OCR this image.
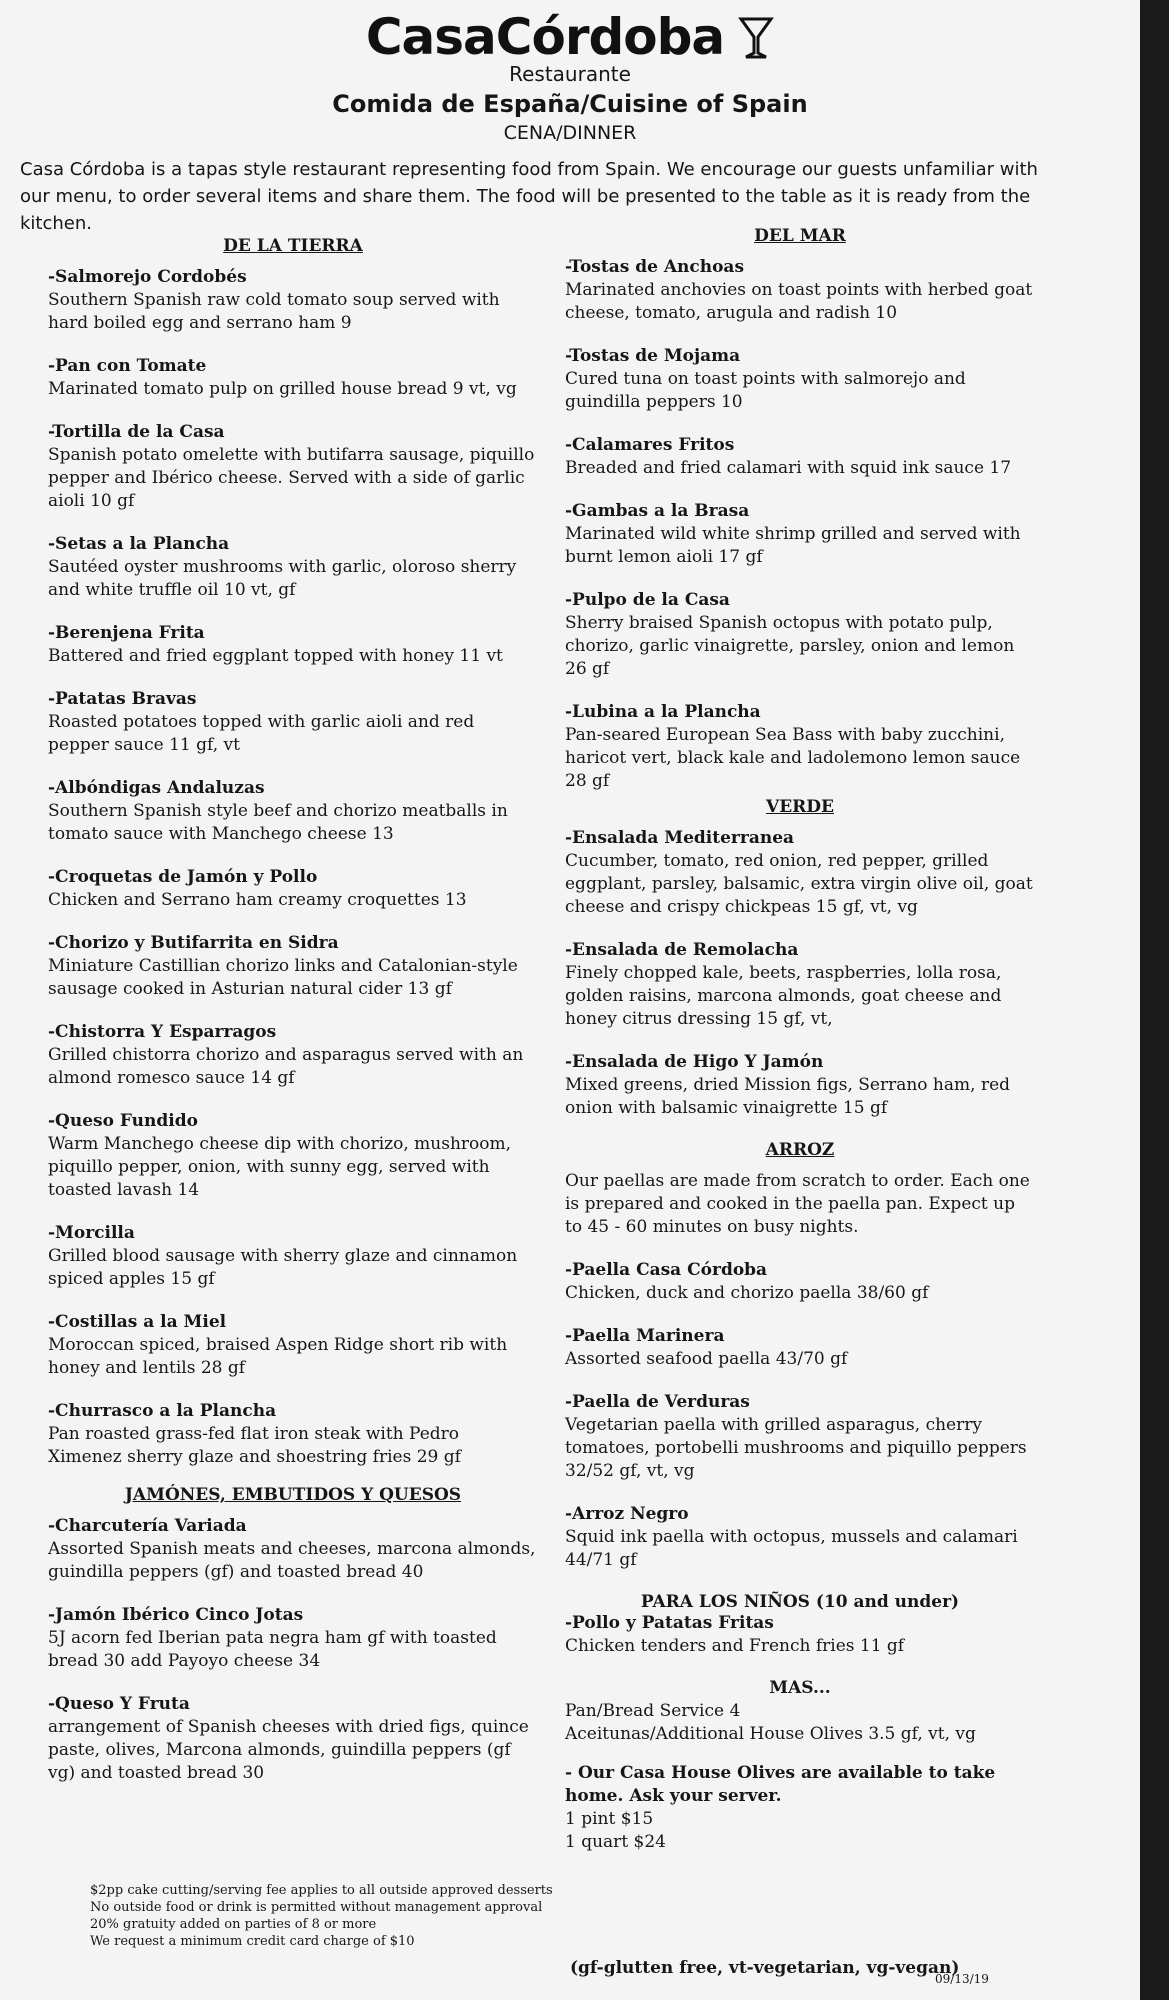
CasaCórdoba
Restaurante
Comida de España/Cuisine of Spain
CENA/DINNER
Casa Córdoba is a tapas style restaurant representing food from Spain. We encourage our guests unfamiliar with our menu, to order several items and share them. The food will be presented to the table as it is ready from the kitchen.
DE LA TIERRA
-Salmorejo Cordobés
Southern Spanish raw cold tomato soup served with hard boiled egg and serrano ham 9
-Pan con Tomate
Marinated tomato pulp on grilled house bread 9 vt, vg
-Tortilla de la Casa
Spanish potato omelette with butifarra sausage, piquillo pepper and Ibérico cheese. Served with a side of garlic aioli 10 gf
-Setas a la Plancha
Sautéed oyster mushrooms with garlic, oloroso sherry and white truffle oil 10 vt, gf
-Berenjena Frita
Battered and fried eggplant topped with honey 11 vt
-Patatas Bravas
Roasted potatoes topped with garlic aioli and red pepper sauce 11 gf, vt
-Albóndigas Andaluzas
Southern Spanish style beef and chorizo meatballs in tomato sauce with Manchego cheese 13
-Croquetas de Jamón y Pollo
Chicken and Serrano ham creamy croquettes 13
-Chorizo y Butifarrita en Sidra
Miniature Castillian chorizo links and Catalonian-style sausage cooked in Asturian natural cider 13 gf
-Chistorra Y Esparragos
Grilled chistorra chorizo and asparagus served with an almond romesco sauce 14 gf
-Queso Fundido
Warm Manchego cheese dip with chorizo, mushroom, piquillo pepper, onion, with sunny egg, served with toasted lavash 14
-Morcilla
Grilled blood sausage with sherry glaze and cinnamon spiced apples 15 gf
-Costillas a la Miel
Moroccan spiced, braised Aspen Ridge short rib with honey and lentils 28 gf
-Churrasco a la Plancha
Pan roasted grass-fed flat iron steak with Pedro Ximenez sherry glaze and shoestring fries 29 gf
JAMÓNES, EMBUTIDOS Y QUESOS
-Charcutería Variada
Assorted Spanish meats and cheeses, marcona almonds, guindilla peppers (gf) and toasted bread 40
-Jamón Ibérico Cinco Jotas
5J acorn fed Iberian pata negra ham gf with toasted bread 30 add Payoyo cheese 34
-Queso Y Fruta
arrangement of Spanish cheeses with dried figs, quince paste, olives, Marcona almonds, guindilla peppers (gf vg) and toasted bread 30
DEL MAR
-Tostas de Anchoas
Marinated anchovies on toast points with herbed goat cheese, tomato, arugula and radish 10
-Tostas de Mojama
Cured tuna on toast points with salmorejo and guindilla peppers 10
-Calamares Fritos
Breaded and fried calamari with squid ink sauce 17
-Gambas a la Brasa
Marinated wild white shrimp grilled and served with burnt lemon aioli 17 gf
-Pulpo de la Casa
Sherry braised Spanish octopus with potato pulp, chorizo, garlic vinaigrette, parsley, onion and lemon 26 gf
-Lubina a la Plancha
Pan-seared European Sea Bass with baby zucchini, haricot vert, black kale and ladolemono lemon sauce 28 gf
VERDE
-Ensalada Mediterranea
Cucumber, tomato, red onion, red pepper, grilled eggplant, parsley, balsamic, extra virgin olive oil, goat cheese and crispy chickpeas 15 gf, vt, vg
-Ensalada de Remolacha
Finely chopped kale, beets, raspberries, lolla rosa, golden raisins, marcona almonds, goat cheese and honey citrus dressing 15 gf, vt,
-Ensalada de Higo Y Jamón
Mixed greens, dried Mission figs, Serrano ham, red onion with balsamic vinaigrette 15 gf
ARROZ
Our paellas are made from scratch to order. Each one is prepared and cooked in the paella pan. Expect up to 45 - 60 minutes on busy nights.
-Paella Casa Córdoba
Chicken, duck and chorizo paella 38/60 gf
-Paella Marinera
Assorted seafood paella 43/70 gf
-Paella de Verduras
Vegetarian paella with grilled asparagus, cherry tomatoes, portobelli mushrooms and piquillo peppers 32/52 gf, vt, vg
-Arroz Negro
Squid ink paella with octopus, mussels and calamari 44/71 gf
PARA LOS NIÑOS (10 and under)
-Pollo y Patatas Fritas
Chicken tenders and French fries 11 gf
MAS...
Pan/Bread Service 4
Aceitunas/Additional House Olives 3.5 gf, vt, vg
- Our Casa House Olives are available to take home. Ask your server.
1 pint $15
1 quart $24
$2pp cake cutting/serving fee applies to all outside approved desserts
No outside food or drink is permitted without management approval
20% gratuity added on parties of 8 or more
We request a minimum credit card charge of $10
(gf-glutten free, vt-vegetarian, vg-vegan)
09/13/19
